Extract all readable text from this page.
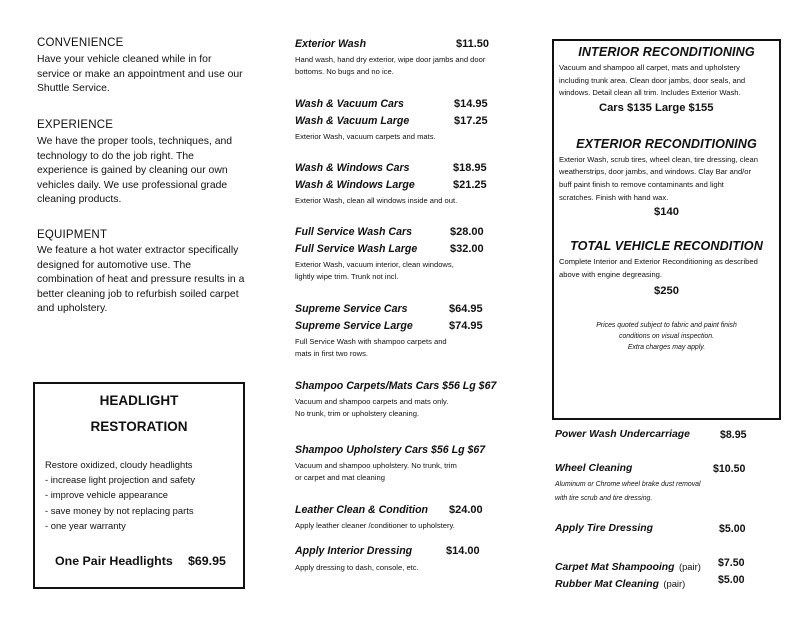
CONVENIENCE
Have your vehicle cleaned while in for
service or make an appointment and use our
Shuttle Service.
EXPERIENCE
We have the proper tools, techniques, and
technology to do the job right. The
experience is gained by cleaning our own
vehicles daily. We use professional grade
cleaning products.
EQUIPMENT
We feature a hot water extractor specifically
designed for automotive use. The
combination of heat and pressure results in a
better cleaning job to refurbish soiled carpet
and upholstery.
HEADLIGHT
RESTORATION
Restore oxidized, cloudy headlights
- increase light projection and safety
- improve vehicle appearance
- save money by not replacing parts
- one year warranty
One Pair Headlights $69.95
Exterior Wash	$11.50
Hand wash, hand dry exterior, wipe door jambs and door
bottoms. No bugs and no ice.
Wash & Vacuum Cars	$14.95
Wash & Vacuum Large	$17.25
Exterior Wash, vacuum carpets and mats.
Wash & Windows Cars	$18.95
Wash & Windows Large	$21.25
Exterior Wash, clean all windows inside and out.
Full Service Wash Cars	$28.00
Full Service Wash Large	$32.00
Exterior Wash, vacuum interior, clean windows,
lightly wipe trim. Trunk not incl.
Supreme Service Cars	$64.95
Supreme Service Large	$74.95
Full Service Wash with shampoo carpets and
mats in first two rows.
Shampoo Carpets/Mats Cars $56 Lg $67
Vacuum and shampoo carpets and mats only.
No trunk, trim or upholstery cleaning.
Shampoo Upholstery Cars $56 Lg $67
Vacuum and shampoo upholstery. No trunk, trim
or carpet and mat cleaning
Leather Clean & Condition $24.00
Apply leather cleaner /conditioner to upholstery.
Apply Interior Dressing	$14.00
Apply dressing to dash, console, etc.
INTERIOR RECONDITIONING
Vacuum and shampoo all carpet, mats and upholstery
including trunk area. Clean door jambs, door seals, and
windows. Detail clean all trim. Includes Exterior Wash.
Cars $135 Large $155
EXTERIOR RECONDITIONING
Exterior Wash, scrub tires, wheel clean, tire dressing, clean
weatherstrips, door jambs, and windows. Clay Bar and/or
buff paint finish to remove contaminants and light
scratches. Finish with hand wax.
$140
TOTAL VEHICLE RECONDITION
Complete Interior and Exterior Reconditioning as described
above with engine degreasing.
$250
Prices quoted subject to fabric and paint finish
conditions on visual inspection.
Extra charges may apply.
Power Wash Undercarriage	$8.95
Wheel Cleaning	$10.50
Aluminum or Chrome wheel brake dust removal
with tire scrub and tire dressing.
Apply Tire Dressing	$5.00
Carpet Mat Shampooing (pair) $7.50
Rubber Mat Cleaning (pair)	$5.00
